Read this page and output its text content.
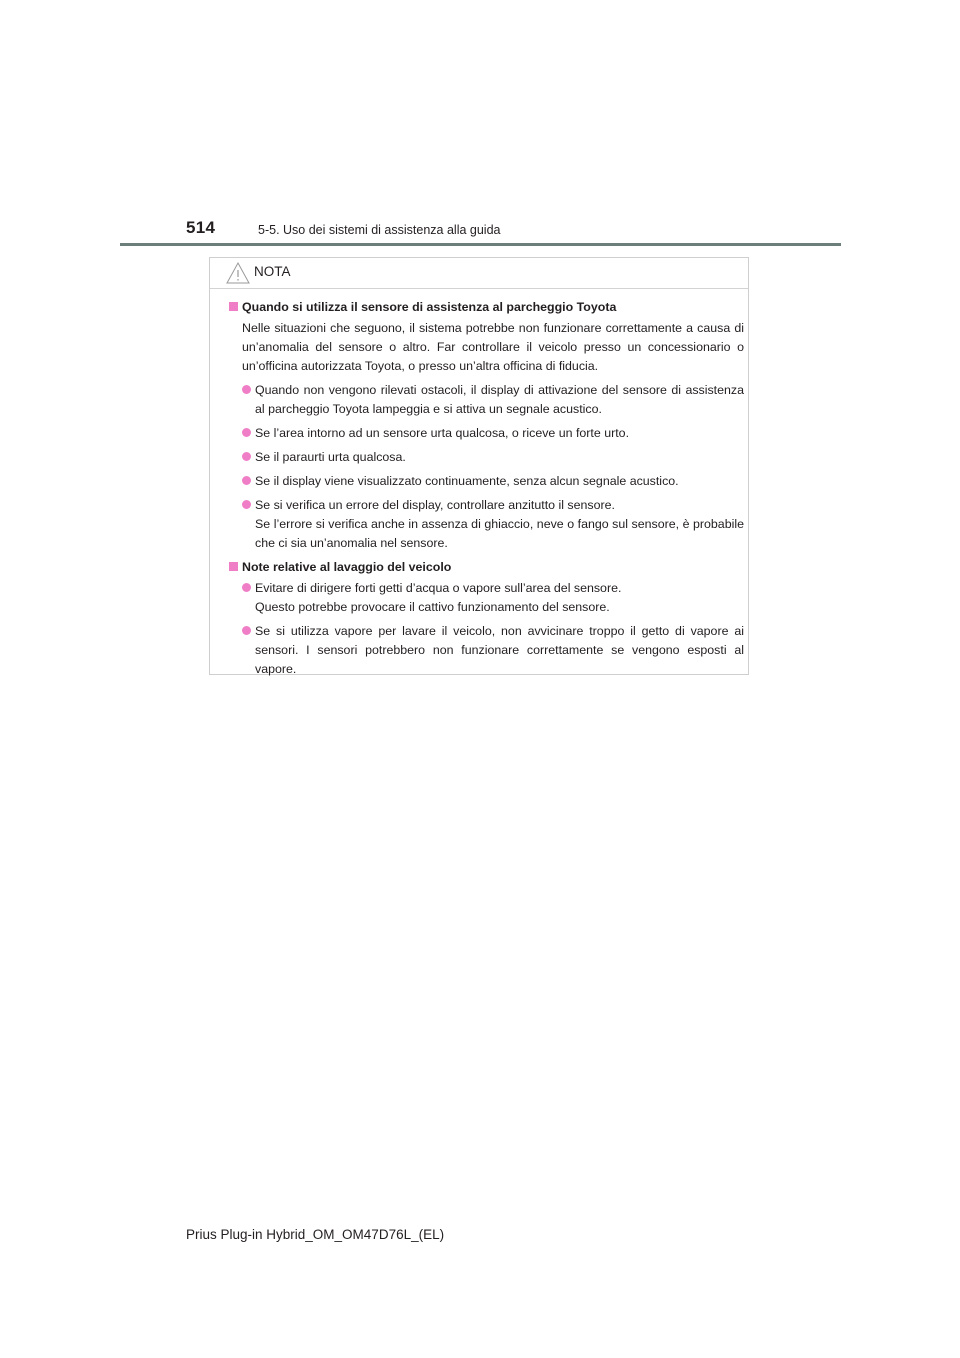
514	5-5. Uso dei sistemi di assistenza alla guida
NOTA
Quando si utilizza il sensore di assistenza al parcheggio Toyota
Nelle situazioni che seguono, il sistema potrebbe non funzionare correttamente a causa di un’anomalia del sensore o altro. Far controllare il veicolo presso un concessionario o un’officina autorizzata Toyota, o presso un’altra officina di fiducia.
Quando non vengono rilevati ostacoli, il display di attivazione del sensore di assistenza al parcheggio Toyota lampeggia e si attiva un segnale acustico.
Se l’area intorno ad un sensore urta qualcosa, o riceve un forte urto.
Se il paraurti urta qualcosa.
Se il display viene visualizzato continuamente, senza alcun segnale acustico.
Se si verifica un errore del display, controllare anzitutto il sensore.
Se l’errore si verifica anche in assenza di ghiaccio, neve o fango sul sensore, è probabile che ci sia un’anomalia nel sensore.
Note relative al lavaggio del veicolo
Evitare di dirigere forti getti d’acqua o vapore sull’area del sensore.
Questo potrebbe provocare il cattivo funzionamento del sensore.
Se si utilizza vapore per lavare il veicolo, non avvicinare troppo il getto di vapore ai sensori. I sensori potrebbero non funzionare correttamente se vengono esposti al vapore.
Prius Plug-in Hybrid_OM_OM47D76L_(EL)
